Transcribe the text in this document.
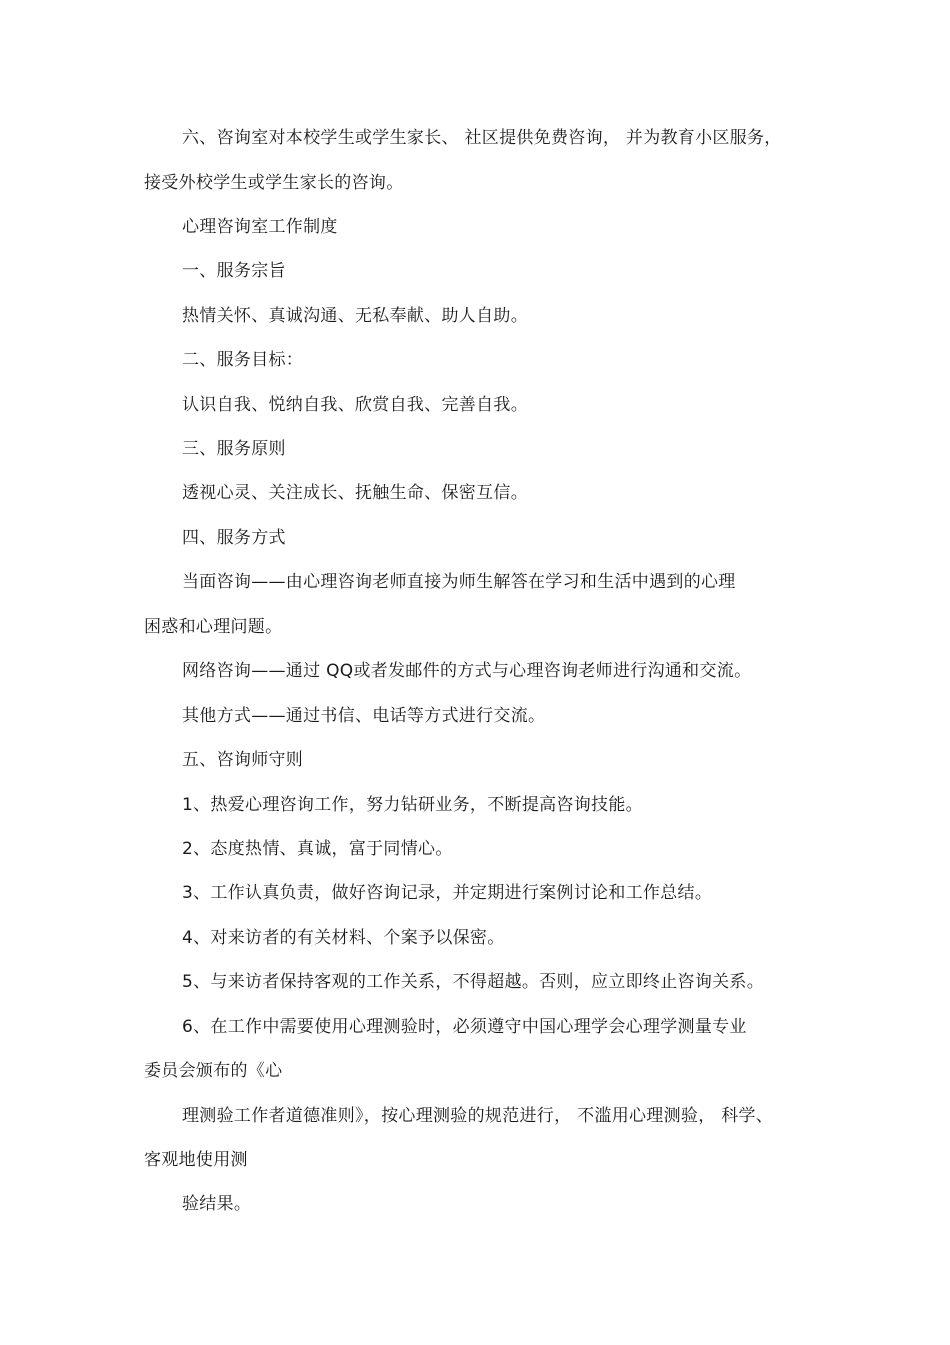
六、咨询室对本校学生或学生家长、 社区提供免费咨询， 并为教育小区服务，
接受外校学生或学生家长的咨询。
心理咨询室工作制度
一、服务宗旨
热情关怀、真诚沟通、无私奉献、助人自助。
二、服务目标：
认识自我、悦纳自我、欣赏自我、完善自我。
三、服务原则
透视心灵、关注成长、抚触生命、保密互信。
四、服务方式
当面咨询——由心理咨询老师直接为师生解答在学习和生活中遇到的心理
困惑和心理问题。
网络咨询——通过 QQ或者发邮件的方式与心理咨询老师进行沟通和交流。
其他方式——通过书信、电话等方式进行交流。
五、咨询师守则
1、热爱心理咨询工作，努力钻研业务，不断提高咨询技能。
2、态度热情、真诚，富于同情心。
3、工作认真负责，做好咨询记录，并定期进行案例讨论和工作总结。
4、对来访者的有关材料、个案予以保密。
5、与来访者保持客观的工作关系，不得超越。否则，应立即终止咨询关系。
6、在工作中需要使用心理测验时，必须遵守中国心理学会心理学测量专业
委员会颁布的《心
理测验工作者道德准则》，按心理测验的规范进行， 不滥用心理测验， 科学、
客观地使用测
验结果。
